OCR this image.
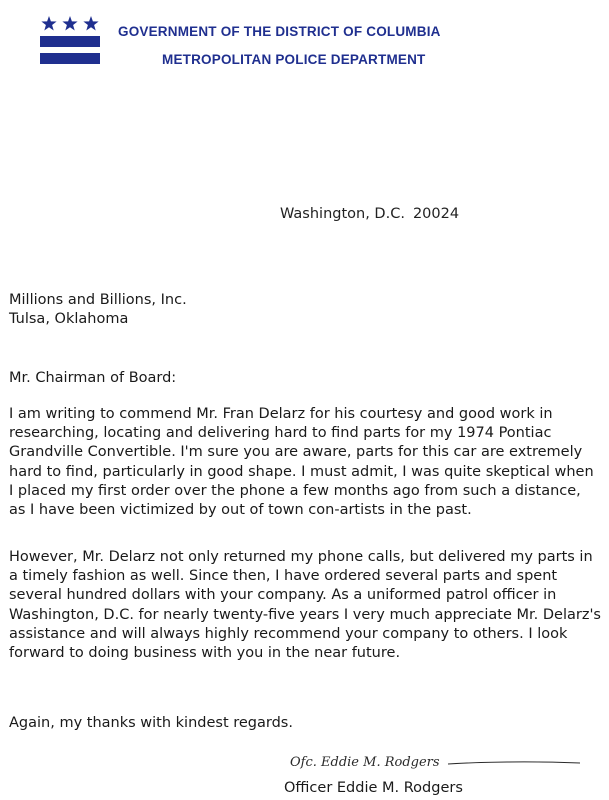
GOVERNMENT OF THE DISTRICT OF COLUMBIA
METROPOLITAN POLICE DEPARTMENT
Washington, D.C. 20024
Millions and Billions, Inc.
Tulsa, Oklahoma
Mr. Chairman of Board:

I am writing to commend Mr. Fran Delarz for his courtesy and good work in researching, locating and delivering hard to find parts for my 1974 Pontiac Grandville Convertible. I'm sure you are aware, parts for this car are extremely hard to find, particularly in good shape. I must admit, I was quite skeptical when I placed my first order over the phone a few months ago from such a distance, as I have been victimized by out of town con-artists in the past.

However, Mr. Delarz not only returned my phone calls, but delivered my parts in a timely fashion as well. Since then, I have ordered several parts and spent several hundred dollars with your company. As a uniformed patrol officer in Washington, D.C. for nearly twenty-five years I very much appreciate Mr. Delarz's assistance and will always highly recommend your company to others. I look forward to doing business with you in the near future.

Again, my thanks with kindest regards.
Ofc. Eddie M. Rodgers
Officer Eddie M. Rodgers
